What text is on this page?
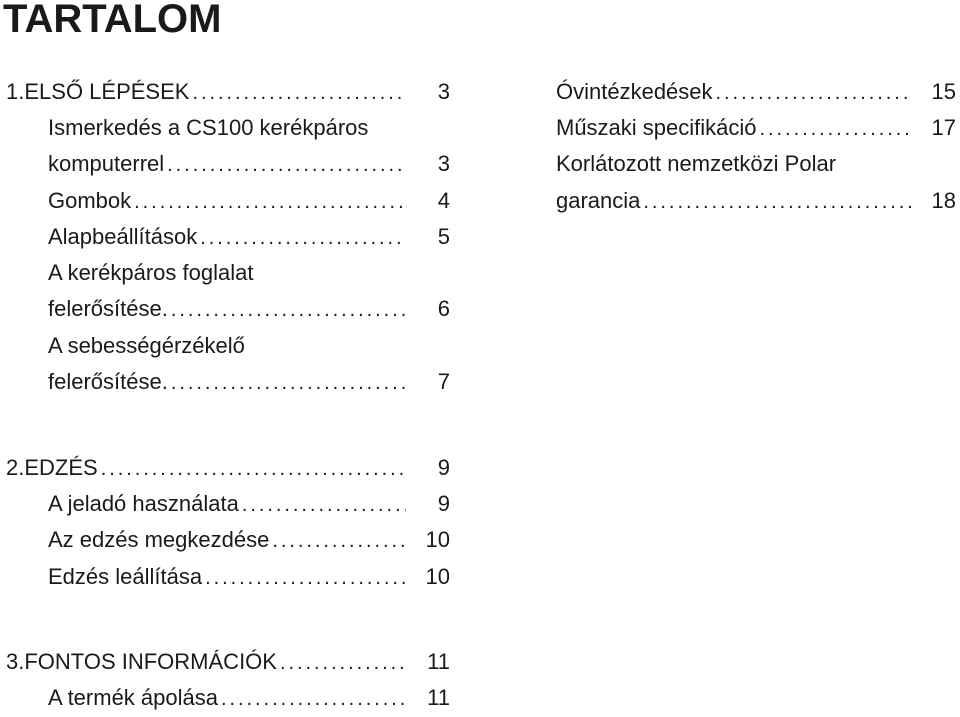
TARTALOM
1. ELSŐ LÉPÉSEK . . .	3
Ismerkedés a CS100 kerékpáros
komputerrel . . .	3
Gombok . . .	4
Alapbeállítások . . .	5
A kerékpáros foglalat
felerősítése. . . .	6
A sebességérzékelő
felerősítése. . . .	7
2. EDZÉS . . .	9
A jeladó használata . . .	9
Az edzés megkezdése . . .	10
Edzés leállítása . . .	10
3. FONTOS INFORMÁCIÓK . . .	11
A termék ápolása . . .	11
Óvintézkedések . . .	15
Műszaki specifikáció . . .	17
Korlátozott nemzetközi Polar
garancia . . .	18
